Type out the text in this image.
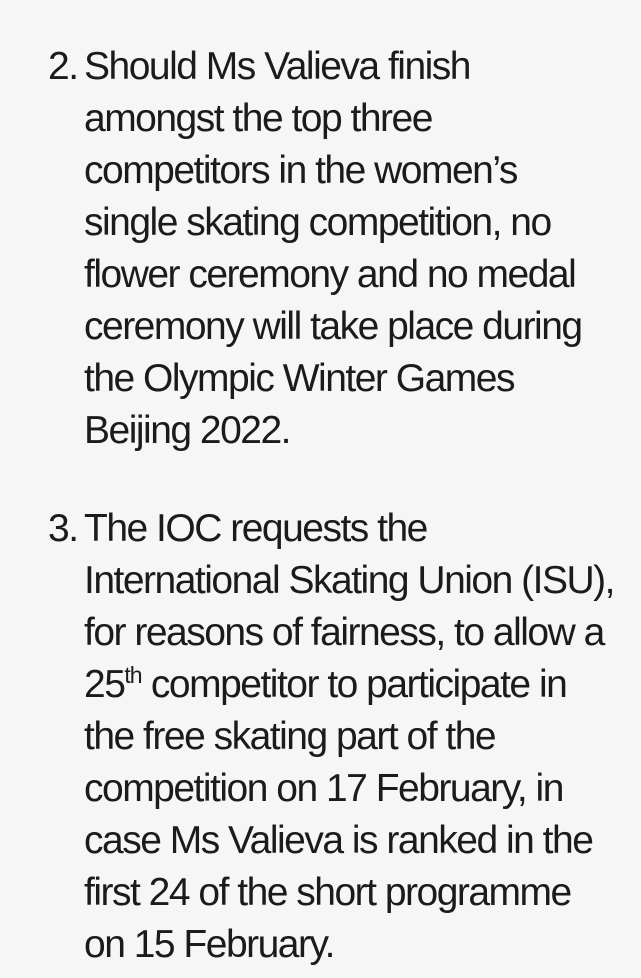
2. Should Ms Valieva finish
amongst the top three
competitors in the women’s
single skating competition, no
flower ceremony and no medal
ceremony will take place during
the Olympic Winter Games
Beijing 2022.
3. The IOC requests the
International Skating Union (ISU),
for reasons of fairness, to allow a
25th competitor to participate in
the free skating part of the
competition on 17 February, in
case Ms Valieva is ranked in the
first 24 of the short programme
on 15 February.
